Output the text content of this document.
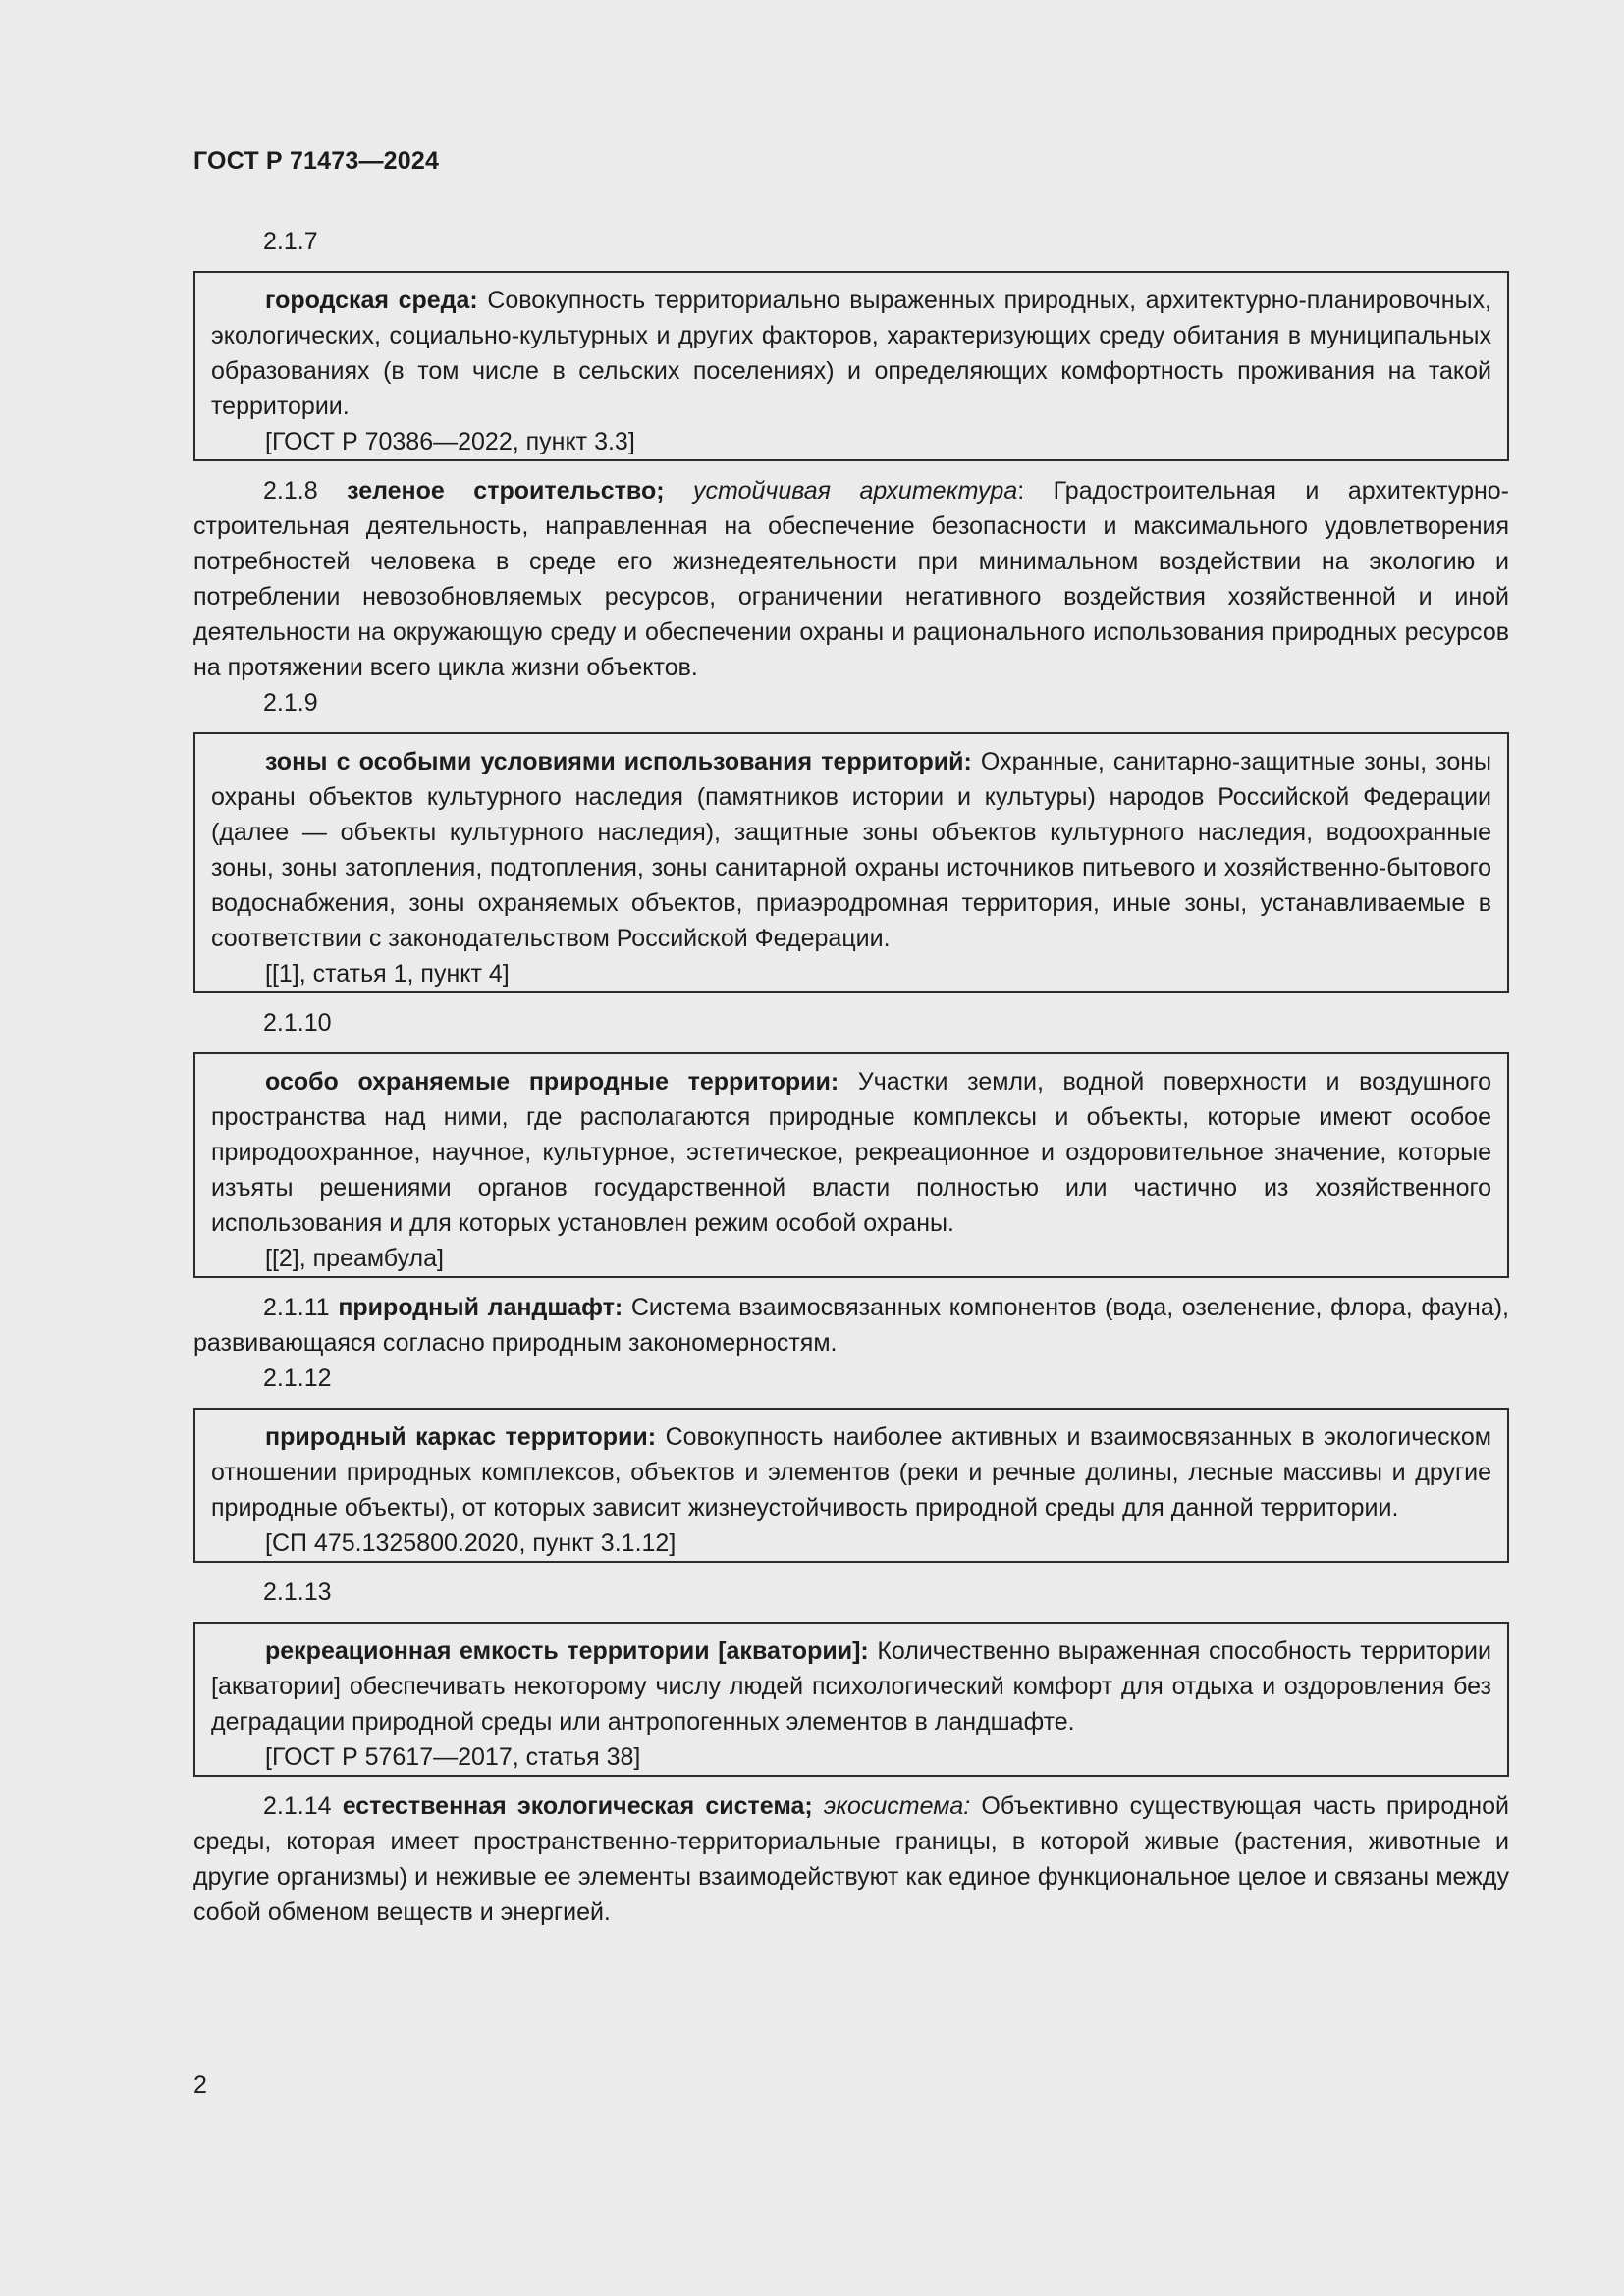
ГОСТ Р 71473—2024
2.1.7

городская среда: Совокупность территориально выраженных природных, архитектурно-планировочных, экологических, социально-культурных и других факторов, характеризующих среду обитания в муниципальных образованиях (в том числе в сельских поселениях) и определяющих комфортность проживания на такой территории.

[ГОСТ Р 70386—2022, пункт 3.3]

2.1.8 зеленое строительство; устойчивая архитектура: Градостроительная и архитектурно-строительная деятельность, направленная на обеспечение безопасности и максимального удовлетворения потребностей человека в среде его жизнедеятельности при минимальном воздействии на экологию и потреблении невозобновляемых ресурсов, ограничении негативного воздействия хозяйственной и иной деятельности на окружающую среду и обеспечении охраны и рационального использования природных ресурсов на протяжении всего цикла жизни объектов.

2.1.9

зоны с особыми условиями использования территорий: Охранные, санитарно-защитные зоны, зоны охраны объектов культурного наследия (памятников истории и культуры) народов Российской Федерации (далее — объекты культурного наследия), защитные зоны объектов культурного наследия, водоохранные зоны, зоны затопления, подтопления, зоны санитарной охраны источников питьевого и хозяйственно-бытового водоснабжения, зоны охраняемых объектов, приаэродромная территория, иные зоны, устанавливаемые в соответствии с законодательством Российской Федерации.

[[1], статья 1, пункт 4]
2.1.10

особо охраняемые природные территории: Участки земли, водной поверхности и воздушного пространства над ними, где располагаются природные комплексы и объекты, которые имеют особое природоохранное, научное, культурное, эстетическое, рекреационное и оздоровительное значение, которые изъяты решениями органов государственной власти полностью или частично из хозяйственного использования и для которых установлен режим особой охраны.

[[2], преамбула]

2.1.11 природный ландшафт: Система взаимосвязанных компонентов (вода, озеленение, флора, фауна), развивающаяся согласно природным закономерностям.

2.1.12

природный каркас территории: Совокупность наиболее активных и взаимосвязанных в экологическом отношении природных комплексов, объектов и элементов (реки и речные долины, лесные массивы и другие природные объекты), от которых зависит жизнеустойчивость природной среды для данной территории.

[СП 475.1325800.2020, пункт 3.1.12]
2.1.13

рекреационная емкость территории [акватории]: Количественно выраженная способность территории [акватории] обеспечивать некоторому числу людей психологический комфорт для отдыха и оздоровления без деградации природной среды или антропогенных элементов в ландшафте.

[ГОСТ Р 57617—2017, статья 38]

2.1.14 естественная экологическая система; экосистема: Объективно существующая часть природной среды, которая имеет пространственно-территориальные границы, в которой живые (растения, животные и другие организмы) и неживые ее элементы взаимодействуют как единое функциональное целое и связаны между собой обменом веществ и энергией.

2
